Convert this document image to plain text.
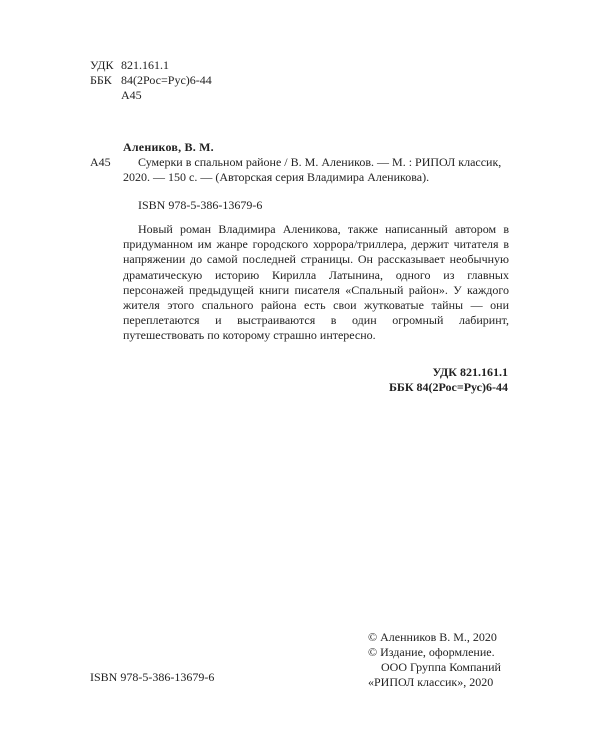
УДК 821.161.1
ББК 84(2Рос=Рус)6-44
А45
Алеников, В. М.
А45 Сумерки в спальном районе / В. М. Алеников. — М. : РИПОЛ классик,
2020. — 150 с. — (Авторская серия Владимира Аленикова).
ISBN 978-5-386-13679-6

Новый роман Владимира Аленикова, также написанный автором в придуманном им жанре городского хоррора/триллера, держит читателя в напряжении до самой последней страницы. Он рассказывает необычную драматическую историю Кирилла Латынина, одного из главных персонажей предыдущей книги писателя «Спальный район». У каждого жителя этого спального района есть свои жутковатые тайны — они переплетаются и выстраиваются в один огромный лабиринт, путешествовать по которому страшно интересно.

УДК 821.161.1
ББК 84(2Рос=Рус)6-44
ISBN 978-5-386-13679-6
© Аленников В. М., 2020
© Издание, оформление.
ООО Группа Компаний
«РИПОЛ классик», 2020
